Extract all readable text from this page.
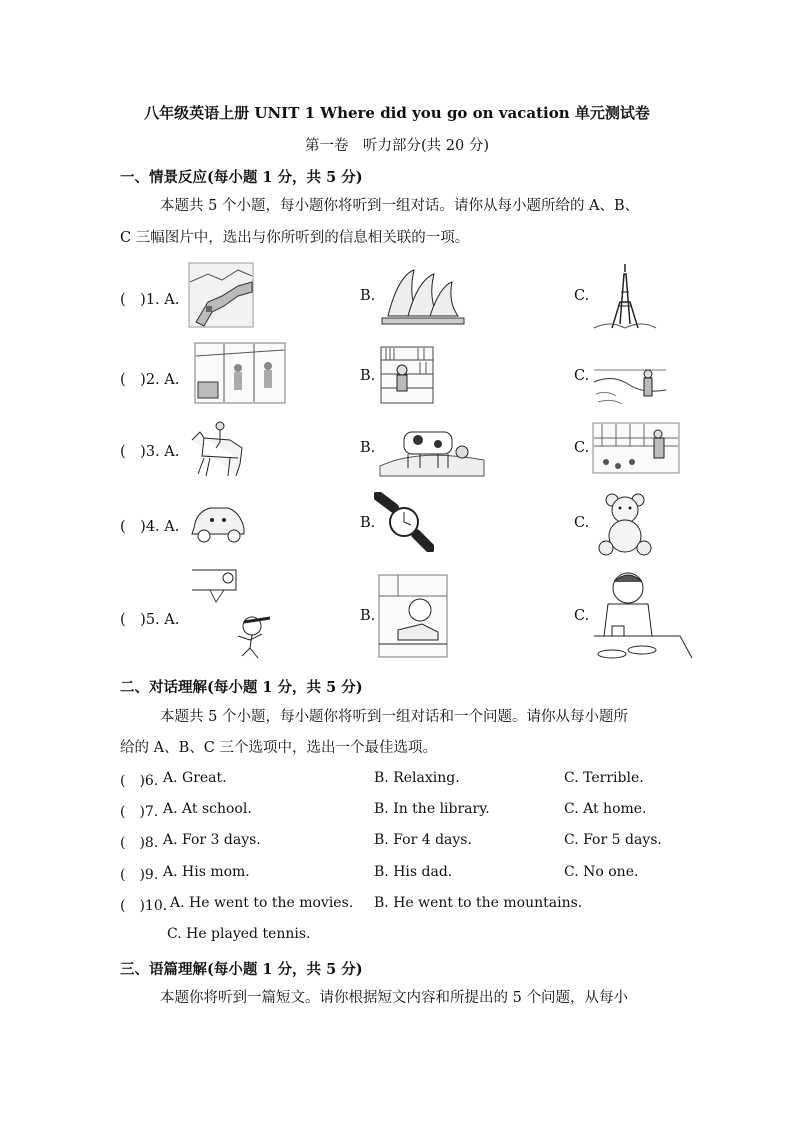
八年级英语上册 UNIT 1 Where did you go on vacation 单元测试卷
第一卷　听力部分(共 20 分)
一、情景反应(每小题 1 分，共 5 分)
本题共 5 个小题，每小题你将听到一组对话。请你从每小题所给的 A、B、
C 三幅图片中，选出与你所听到的信息相关联的一项。
(　)1. A.	B.	C.
(　)2. A.	B.	C.
(　)3. A.	B.	C.
(　)4. A.	B.	C.
(　)5. A.	B.	C.
二、对话理解(每小题 1 分，共 5 分)
本题共 5 个小题，每小题你将听到一组对话和一个问题。请你从每小题所
给的 A、B、C 三个选项中，选出一个最佳选项。
(　)6. A. Great.	B. Relaxing.	C. Terrible.
(　)7. A. At school.	B. In the library.	C. At home.
(　)8. A. For 3 days.	B. For 4 days.	C. For 5 days.
(　)9. A. His mom.	B. His dad.	C. No one.
(　)10. A. He went to the movies. B. He went to the mountains.
C. He played tennis.
三、语篇理解(每小题 1 分，共 5 分)
本题你将听到一篇短文。请你根据短文内容和所提出的 5 个问题，从每小
